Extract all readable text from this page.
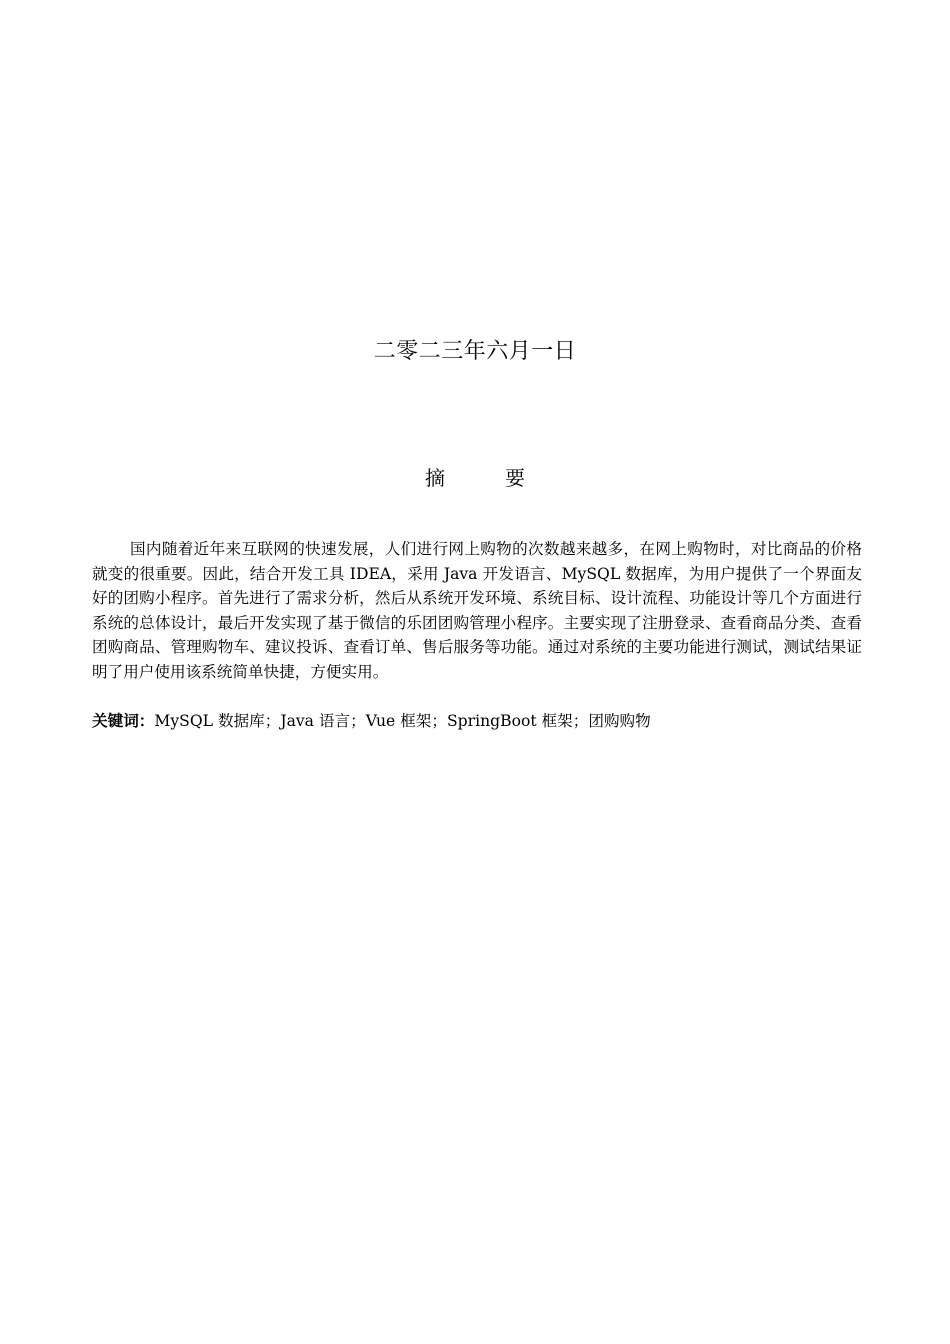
二零二三年六月一日
摘　要

国内随着近年来互联网的快速发展，人们进行网上购物的次数越来越多，在网上购物时，对比商品的价格就变的很重要。因此，结合开发工具 IDEA，采用 Java 开发语言、MySQL 数据库，为用户提供了一个界面友好的团购小程序。首先进行了需求分析，然后从系统开发环境、系统目标、设计流程、功能设计等几个方面进行系统的总体设计，最后开发实现了基于微信的乐团团购管理小程序。主要实现了注册登录、查看商品分类、查看团购商品、管理购物车、建议投诉、查看订单、售后服务等功能。通过对系统的主要功能进行测试，测试结果证明了用户使用该系统简单快捷，方便实用。

关键词：MySQL 数据库；Java 语言；Vue 框架；SpringBoot 框架；团购购物
